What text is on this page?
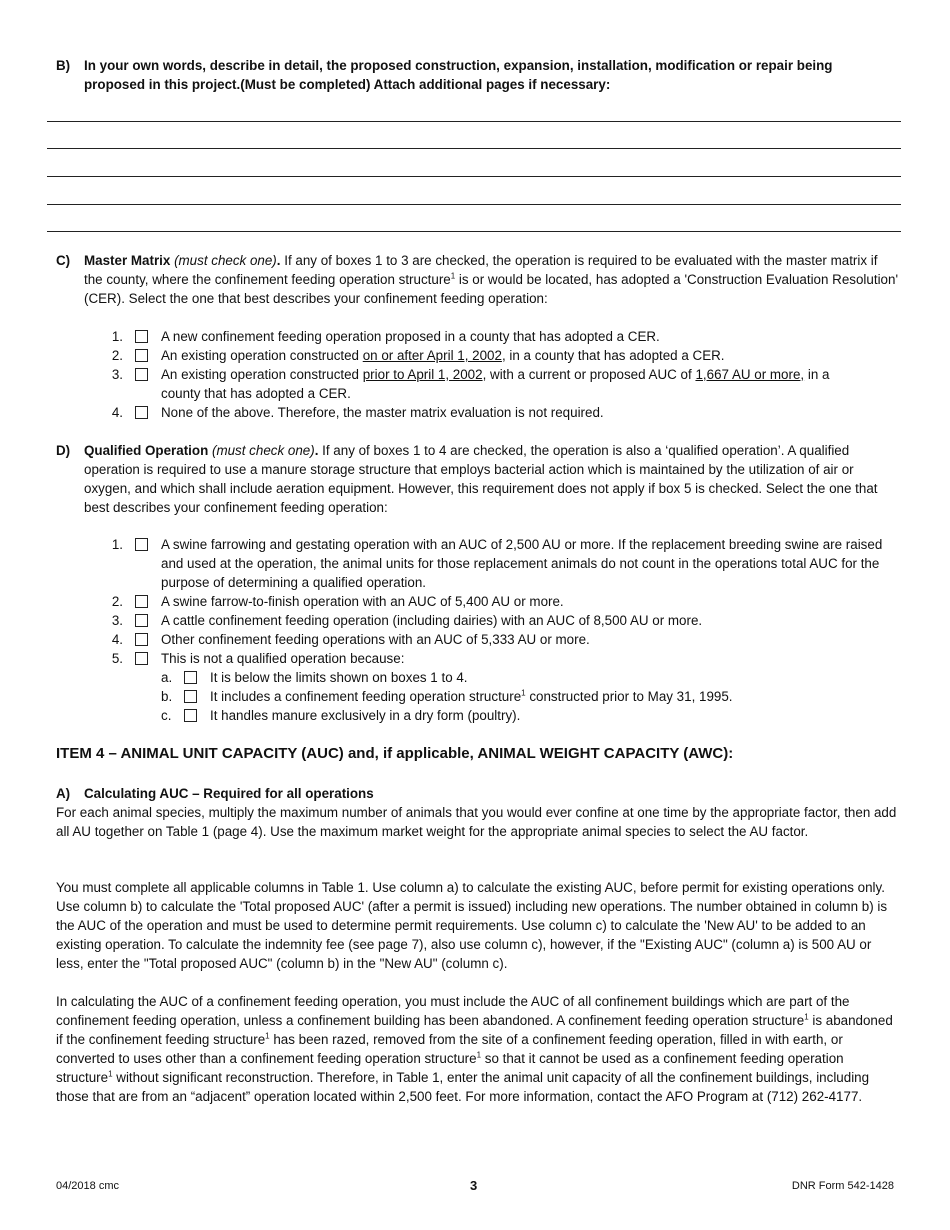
B) In your own words, describe in detail, the proposed construction, expansion, installation, modification or repair being proposed in this project.(Must be completed) Attach additional pages if necessary:
C) Master Matrix (must check one). If any of boxes 1 to 3 are checked, the operation is required to be evaluated with the master matrix if the county, where the confinement feeding operation structure$^1$ is or would be located, has adopted a 'Construction Evaluation Resolution' (CER). Select the one that best describes your confinement feeding operation:
1.	A new confinement feeding operation proposed in a county that has adopted a CER.
2.	An existing operation constructed on or after April 1, 2002, in a county that has adopted a CER.
3.	An existing operation constructed prior to April 1, 2002, with a current or proposed AUC of 1,667 AU or more, in a
county that has adopted a CER.
4.	None of the above. Therefore, the master matrix evaluation is not required.
D) Qualified Operation (must check one). If any of boxes 1 to 4 are checked, the operation is also a ‘qualified operation’. A qualified operation is required to use a manure storage structure that employs bacterial action which is maintained by the utilization of air or oxygen, and which shall include aeration equipment. However, this requirement does not apply if box 5 is checked. Select the one that best describes your confinement feeding operation:
1.	A swine farrowing and gestating operation with an AUC of 2,500 AU or more. If the replacement breeding swine are raised and used at the operation, the animal units for those replacement animals do not count in the operations total AUC for the purpose of determining a qualified operation.
2.	A swine farrow-to-finish operation with an AUC of 5,400 AU or more.
3.	A cattle confinement feeding operation (including dairies) with an AUC of 8,500 AU or more.
4.	Other confinement feeding operations with an AUC of 5,333 AU or more.
5.	This is not a qualified operation because:
a.	It is below the limits shown on boxes 1 to 4.
b.	It includes a confinement feeding operation structure$^1$ constructed prior to May 31, 1995.
c.	It handles manure exclusively in a dry form (poultry).
ITEM 4 – ANIMAL UNIT CAPACITY (AUC) and, if applicable, ANIMAL WEIGHT CAPACITY (AWC):
A) Calculating AUC – Required for all operations
For each animal species, multiply the maximum number of animals that you would ever confine at one time by the appropriate factor, then add all AU together on Table 1 (page 4). Use the maximum market weight for the appropriate animal species to select the AU factor.
You must complete all applicable columns in Table 1. Use column a) to calculate the existing AUC, before permit for existing operations only. Use column b) to calculate the 'Total proposed AUC' (after a permit is issued) including new operations. The number obtained in column b) is the AUC of the operation and must be used to determine permit requirements. Use column c) to calculate the 'New AU' to be added to an existing operation. To calculate the indemnity fee (see page 7), also use column c), however, if the "Existing AUC" (column a) is 500 AU or less, enter the "Total proposed AUC" (column b) in the "New AU" (column c).
In calculating the AUC of a confinement feeding operation, you must include the AUC of all confinement buildings which are part of the confinement feeding operation, unless a confinement building has been abandoned. A confinement feeding operation structure$^1$ is abandoned if the confinement feeding structure$^1$ has been razed, removed from the site of a confinement feeding operation, filled in with earth, or converted to uses other than a confinement feeding operation structure$^1$ so that it cannot be used as a confinement feeding operation structure$^1$ without significant reconstruction. Therefore, in Table 1, enter the animal unit capacity of all the confinement buildings, including those that are from an “adjacent” operation located within 2,500 feet. For more information, contact the AFO Program at (712) 262-4177.
04/2018 cmc	3	DNR Form 542-1428
